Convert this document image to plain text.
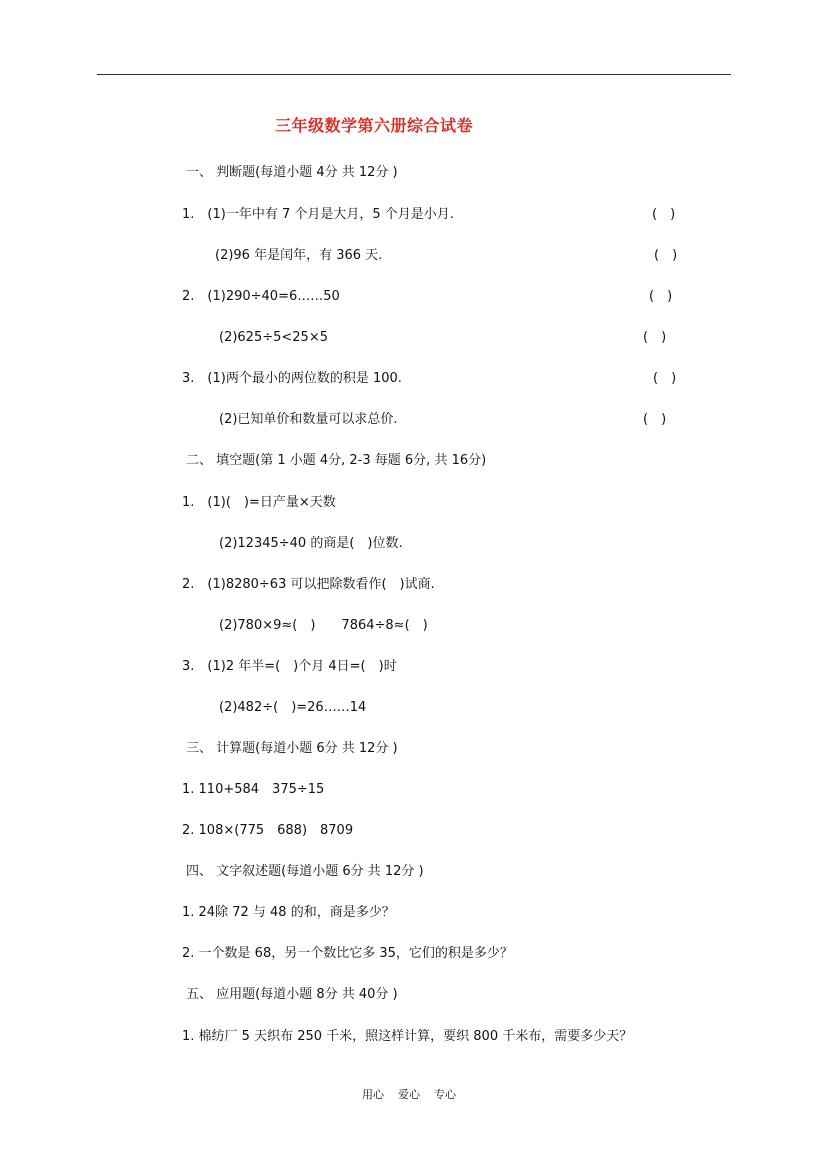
三年级数学第六册综合试卷
一、 判断题(每道小题 4分 共 12分 )
1.　(1)一年中有 7 个月是大月，5 个月是小月.	(　)
(2)96 年是闰年，有 366 天.	(　)
2.　(1)290÷40=6……50	(　)
(2)625÷5<25×5	(　)
3.　(1)两个最小的两位数的积是 100.	(　)
(2)已知单价和数量可以求总价.	(　)
二、 填空题(第 1 小题 4分, 2-3 每题 6分, 共 16分)
1.　(1)(　)=日产量×天数
(2)12345÷40 的商是(　)位数.
2.　(1)8280÷63 可以把除数看作(　)试商.
(2)780×9≈(　)　　7864÷8≈(　)
3.　(1)2 年半=(　)个月 4日=(　)时
(2)482÷(　)=26……14
三、 计算题(每道小题 6分 共 12分 )
1. 110+584　375÷15
2. 108×(775　688)　8709
四、 文字叙述题(每道小题 6分 共 12分 )
1. 24除 72 与 48 的和，商是多少？
2. 一个数是 68，另一个数比它多 35，它们的积是多少？
五、 应用题(每道小题 8分 共 40分 )
1. 棉纺厂 5 天织布 250 千米，照这样计算，要织 800 千米布，需要多少天？
用心 爱心 专心
